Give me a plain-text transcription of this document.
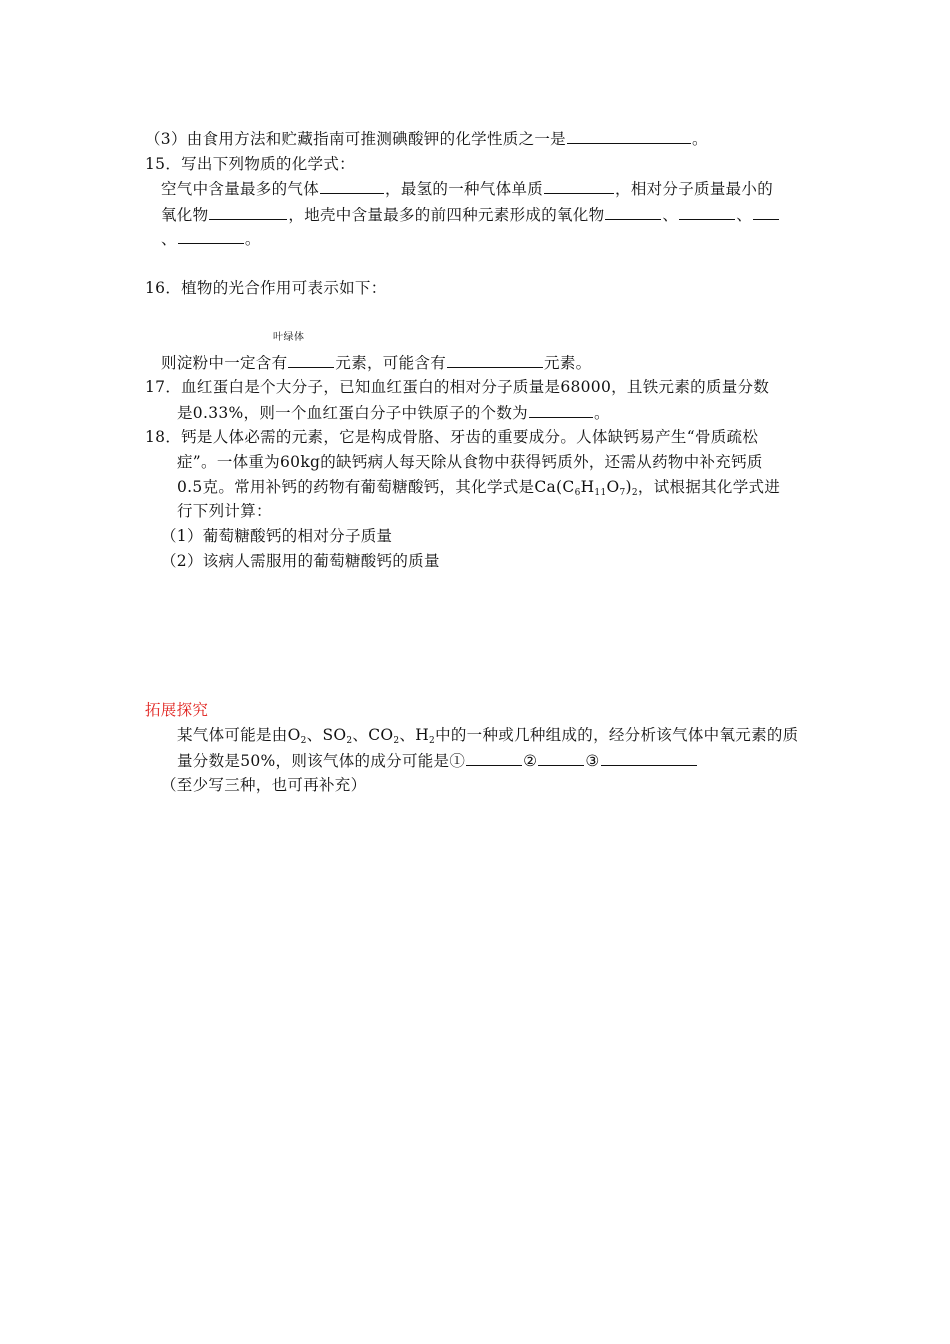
（3）由食用方法和贮藏指南可推测碘酸钾的化学性质之一是	。
15．写出下列物质的化学式：
空气中含量最多的气体	，最氢的一种气体单质	，相对分子质量最小的
氧化物	，地壳中含量最多的前四种元素形成的氧化物	、	、
、	。
16．植物的光合作用可表示如下：
叶绿体
则淀粉中一定含有	元素，可能含有	元素。
17．血红蛋白是个大分子，已知血红蛋白的相对分子质量是68000，且铁元素的质量分数
是0.33%，则一个血红蛋白分子中铁原子的个数为	。
18．钙是人体必需的元素，它是构成骨胳、牙齿的重要成分。人体缺钙易产生“骨质疏松
症”。一体重为60kg的缺钙病人每天除从食物中获得钙质外，还需从药物中补充钙质
0.5克。常用补钙的药物有葡萄糖酸钙，其化学式是$Ca(C_6H_{11}O_7)_2$，试根据其化学式进
行下列计算：
（1）葡萄糖酸钙的相对分子质量
（2）该病人需服用的葡萄糖酸钙的质量
拓展探究
某气体可能是由$O_2$、$SO_2$、$CO_2$、$H_2$中的一种或几种组成的，经分析该气体中氧元素的质
量分数是50%，则该气体的成分可能是①	②	③
（至少写三种，也可再补充）
